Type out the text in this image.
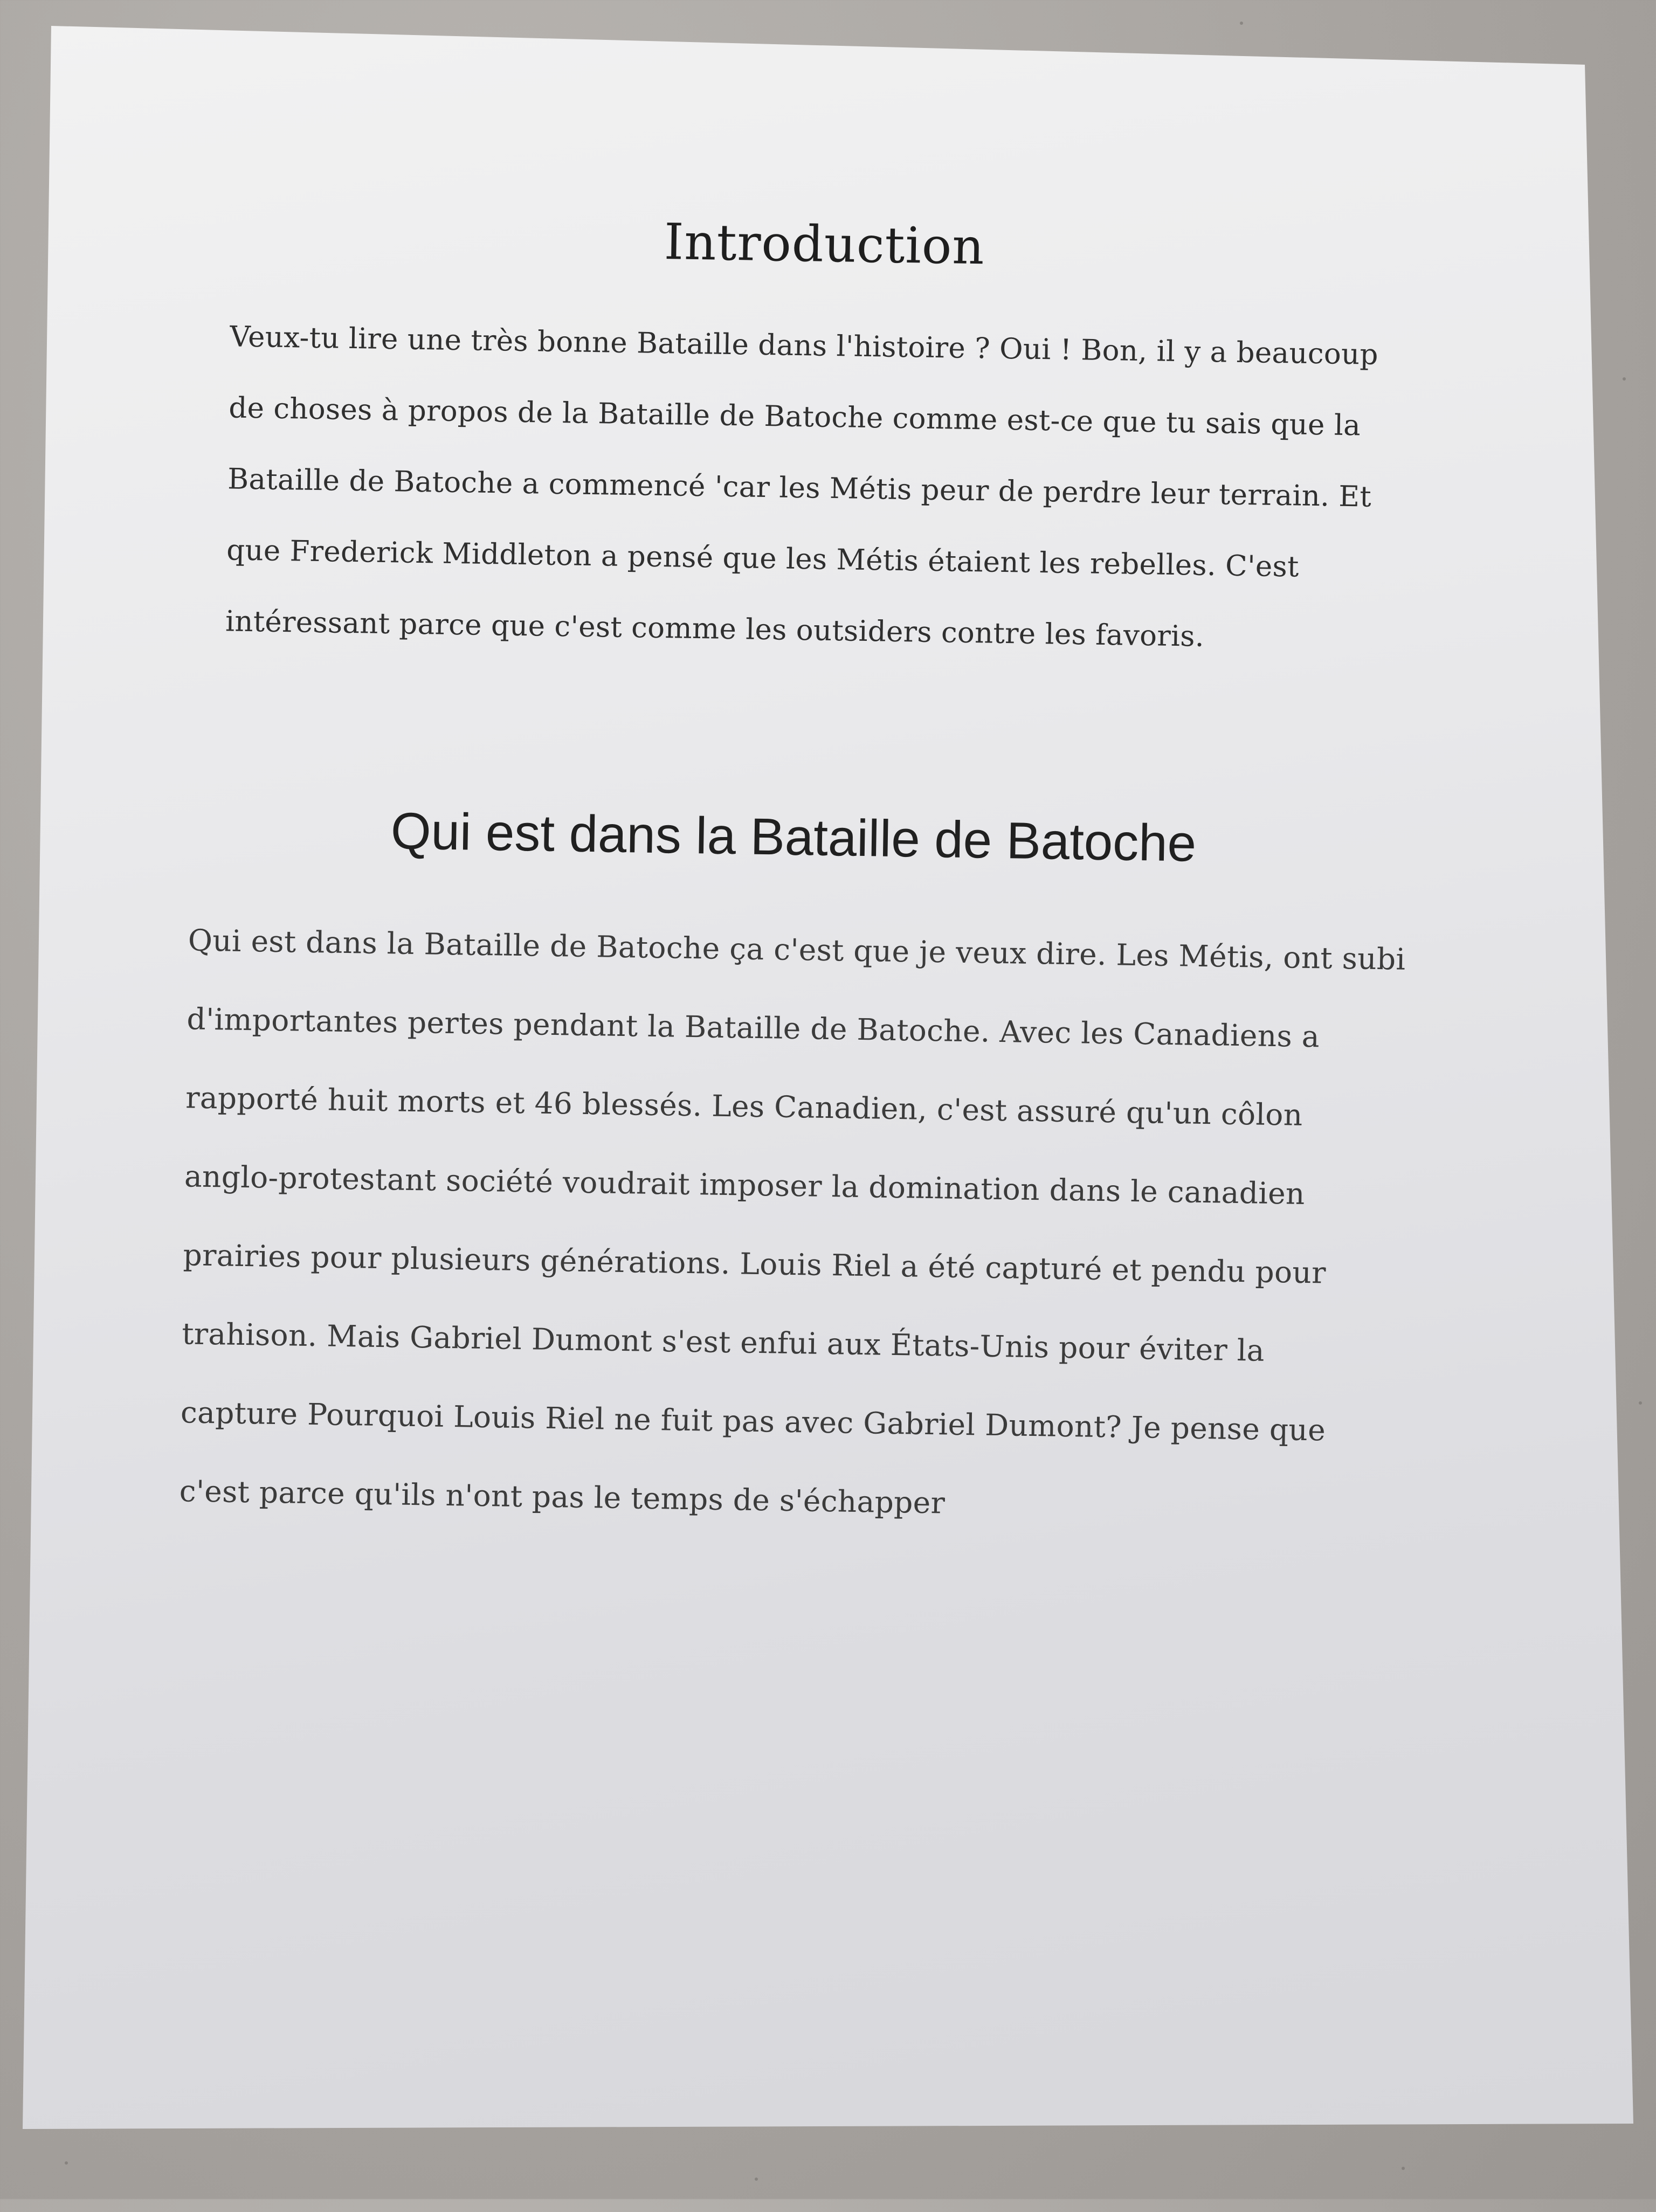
Introduction

Veux-tu lire une très bonne Bataille dans l'histoire ? Oui ! Bon, il y a beaucoup
de choses à propos de la Bataille de Batoche comme est-ce que tu sais que la
Bataille de Batoche a commencé 'car les Métis peur de perdre leur terrain. Et
que Frederick Middleton a pensé que les Métis étaient les rebelles. C'est
intéressant parce que c'est comme les outsiders contre les favoris.

Qui est dans la Bataille de Batoche

Qui est dans la Bataille de Batoche ça c'est que je veux dire. Les Métis, ont subi
d'importantes pertes pendant la Bataille de Batoche. Avec les Canadiens a
rapporté huit morts et 46 blessés. Les Canadien, c'est assuré qu'un côlon
anglo-protestant société voudrait imposer la domination dans le canadien
prairies pour plusieurs générations. Louis Riel a été capturé et pendu pour
trahison. Mais Gabriel Dumont s'est enfui aux États-Unis pour éviter la
capture Pourquoi Louis Riel ne fuit pas avec Gabriel Dumont? Je pense que
c'est parce qu'ils n'ont pas le temps de s'échapper
